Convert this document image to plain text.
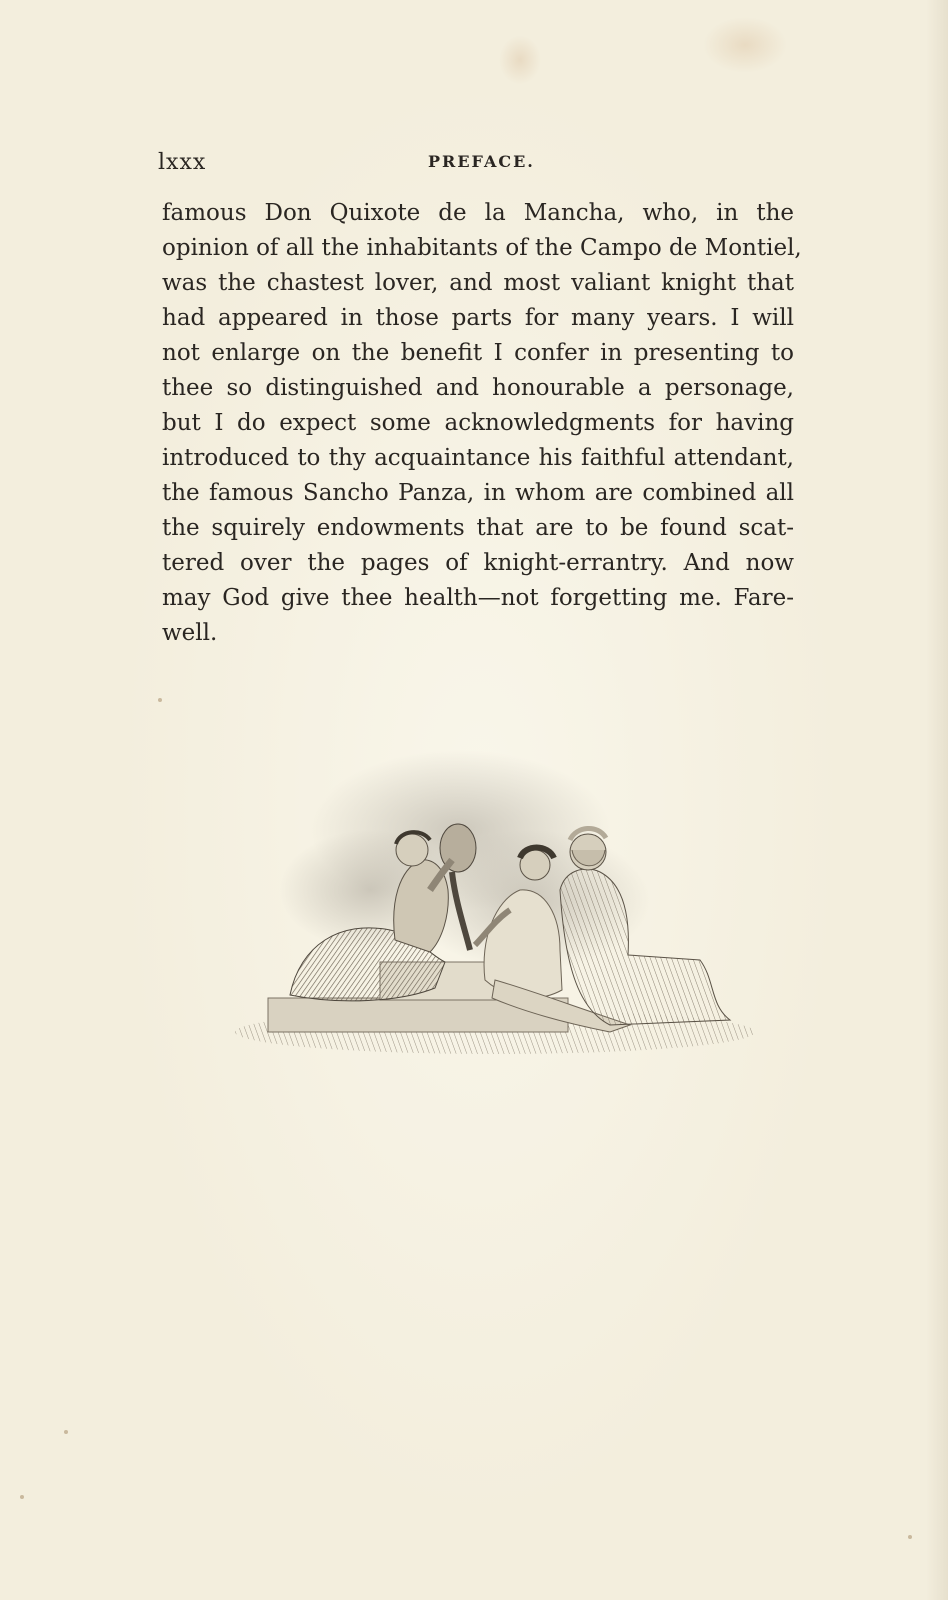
lxxx	PREFACE.
famous Don Quixote de la Mancha, who, in the
opinion of all the inhabitants of the Campo de Montiel,
was the chastest lover, and most valiant knight that
had appeared in those parts for many years. I will
not enlarge on the benefit I confer in presenting to
thee so distinguished and honourable a personage,
but I do expect some acknowledgments for having
introduced to thy acquaintance his faithful attendant,
the famous Sancho Panza, in whom are combined all
the squirely endowments that are to be found scat-
tered over the pages of knight-errantry. And now
may God give thee health—not forgetting me. Fare-
well.
